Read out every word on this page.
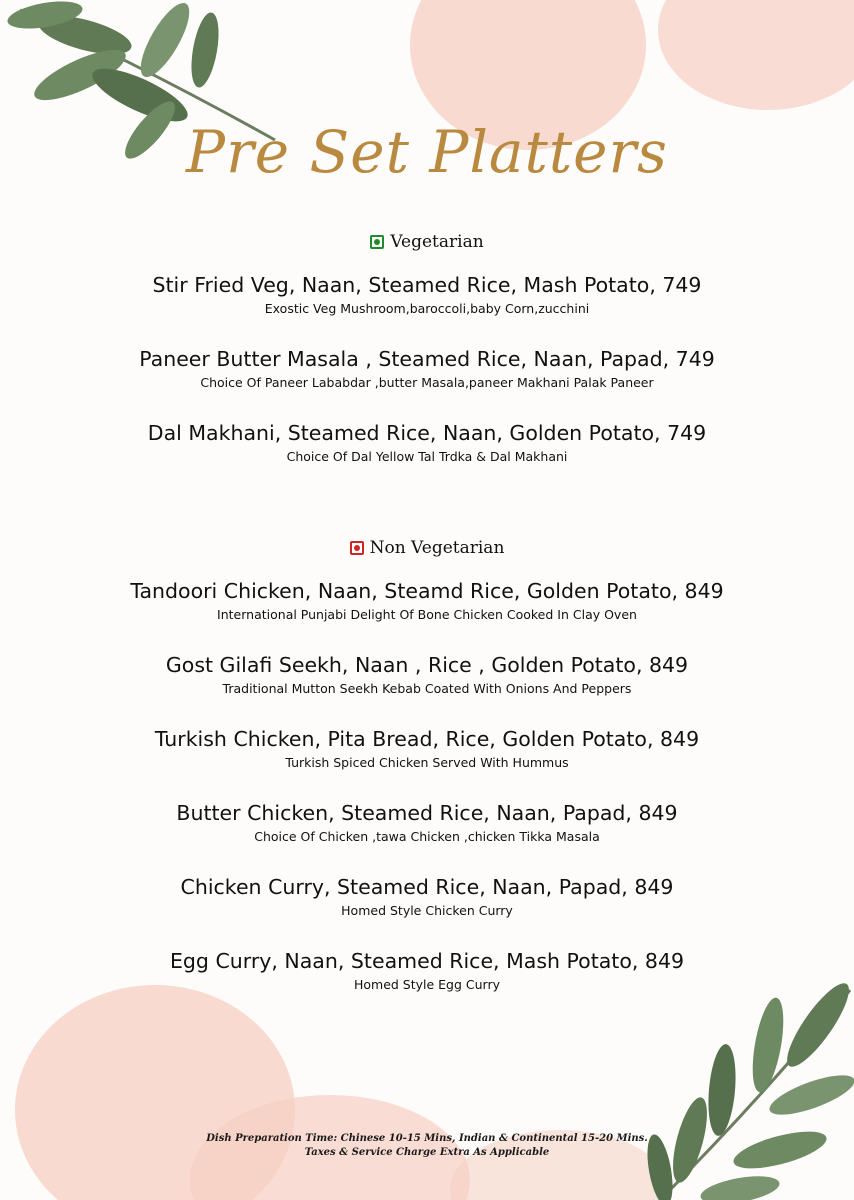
Pre Set Platters
Vegetarian
Stir Fried Veg, Naan, Steamed Rice, Mash Potato, 749
Exostic Veg Mushroom,baroccoli,baby Corn,zucchini
Paneer Butter Masala , Steamed Rice, Naan, Papad, 749
Choice Of Paneer Lababdar ,butter Masala,paneer Makhani Palak Paneer
Dal Makhani, Steamed Rice, Naan, Golden Potato, 749
Choice Of Dal Yellow Tal Trdka & Dal Makhani
Non Vegetarian
Tandoori Chicken, Naan, Steamd Rice, Golden Potato, 849
International Punjabi Delight Of Bone Chicken Cooked In Clay Oven
Gost Gilafi Seekh, Naan , Rice , Golden Potato, 849
Traditional Mutton Seekh Kebab Coated With Onions And Peppers
Turkish Chicken, Pita Bread, Rice, Golden Potato, 849
Turkish Spiced Chicken Served With Hummus
Butter Chicken, Steamed Rice, Naan, Papad, 849
Choice Of Chicken ,tawa Chicken ,chicken Tikka Masala
Chicken Curry, Steamed Rice, Naan, Papad, 849
Homed Style Chicken Curry
Egg Curry, Naan, Steamed Rice, Mash Potato, 849
Homed Style Egg Curry
Dish Preparation Time: Chinese 10-15 Mins, Indian & Continental 15-20 Mins.
Taxes & Service Charge Extra As Applicable
